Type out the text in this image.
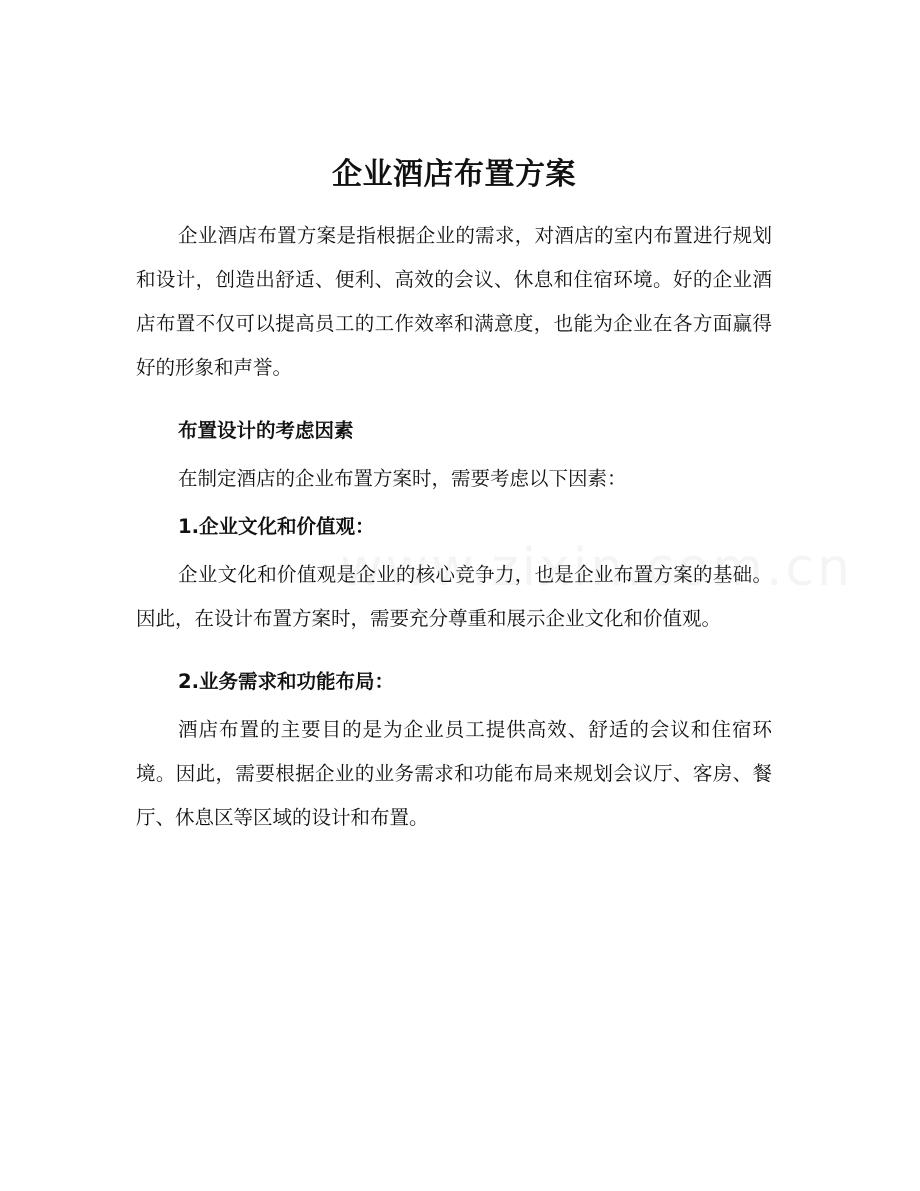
企业酒店布置方案

企业酒店布置方案是指根据企业的需求，对酒店的室内布置进行规划和设计，创造出舒适、便利、高效的会议、休息和住宿环境。好的企业酒店布置不仅可以提高员工的工作效率和满意度，也能为企业在各方面赢得好的形象和声誉。

布置设计的考虑因素

在制定酒店的企业布置方案时，需要考虑以下因素：

1.企业文化和价值观：

企业文化和价值观是企业的核心竞争力，也是企业布置方案的基础。因此，在设计布置方案时，需要充分尊重和展示企业文化和价值观。

2.业务需求和功能布局：

酒店布置的主要目的是为企业员工提供高效、舒适的会议和住宿环境。因此，需要根据企业的业务需求和功能布局来规划会议厅、客房、餐厅、休息区等区域的设计和布置。
